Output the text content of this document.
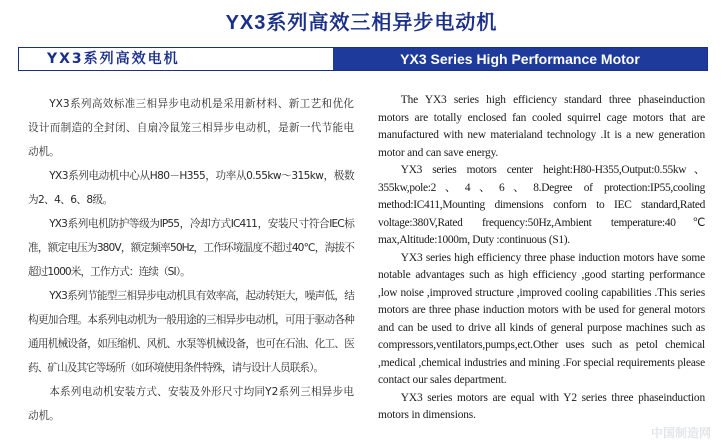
YX3系列高效三相异步电动机
YX3系列高效电机	YX3 Series High Performance Motor

YX3系列高效标准三相异步电动机是采用新材料、新工艺和优化设计而制造的全封闭、自扇冷鼠笼三相异步电动机，是新一代节能电动机。

YX3系列电动机中心从H80－H355，功率从0.55kw～315kw，极数为2、4、6、8级。

YX3系列电机防护等级为IP55，冷却方式IC411，安装尺寸符合IEC标准，额定电压为380V，额定频率50Hz，工作环境温度不超过40℃，海拔不超过1000米，工作方式：连续（SI）。

YX3系列节能型三相异步电动机具有效率高，起动转矩大，噪声低，结构更加合理。本系列电动机为一般用途的三相异步电动机，可用于驱动各种通用机械设备，如压缩机、风机、水泵等机械设备，也可在石油、化工、医药、矿山及其它等场所（如环境使用条件特殊，请与设计人员联系）。

本系列电动机安装方式、安装及外形尺寸均同Y2系列三相异步电动机。

The YX3 series high efficiency standard three phaseinduction motors are totally enclosed fan cooled squirrel cage motors that are manufactured with new materialand technology .It is a new generation motor and can save energy.

YX3 series motors center height:H80-H355,Output:0.55kw、355kw,pole:2、4、6、8.Degree of protection:IP55,cooling method:IC411,Mounting dimensions conforn to IEC standard,Rated voltage:380V,Rated frequency:50Hz,Ambient temperature:40℃ max,Altitude:1000m, Duty :continuous (S1).

YX3 series high efficiency three phase induction motors have some notable advantages such as high efficiency ,good starting performance ,low noise ,improved structure ,improved cooling capabilities .This series motors are three phase induction motors with be used for general motors and can be used to drive all kinds of general purpose machines such as compressors,ventilators,pumps,ect.Other uses such as petol chemical ,medical ,chemical industries and mining .For special requirements please contact our sales department.

YX3 series motors are equal with Y2 series three phaseinduction motors in dimensions.

中国制造网
